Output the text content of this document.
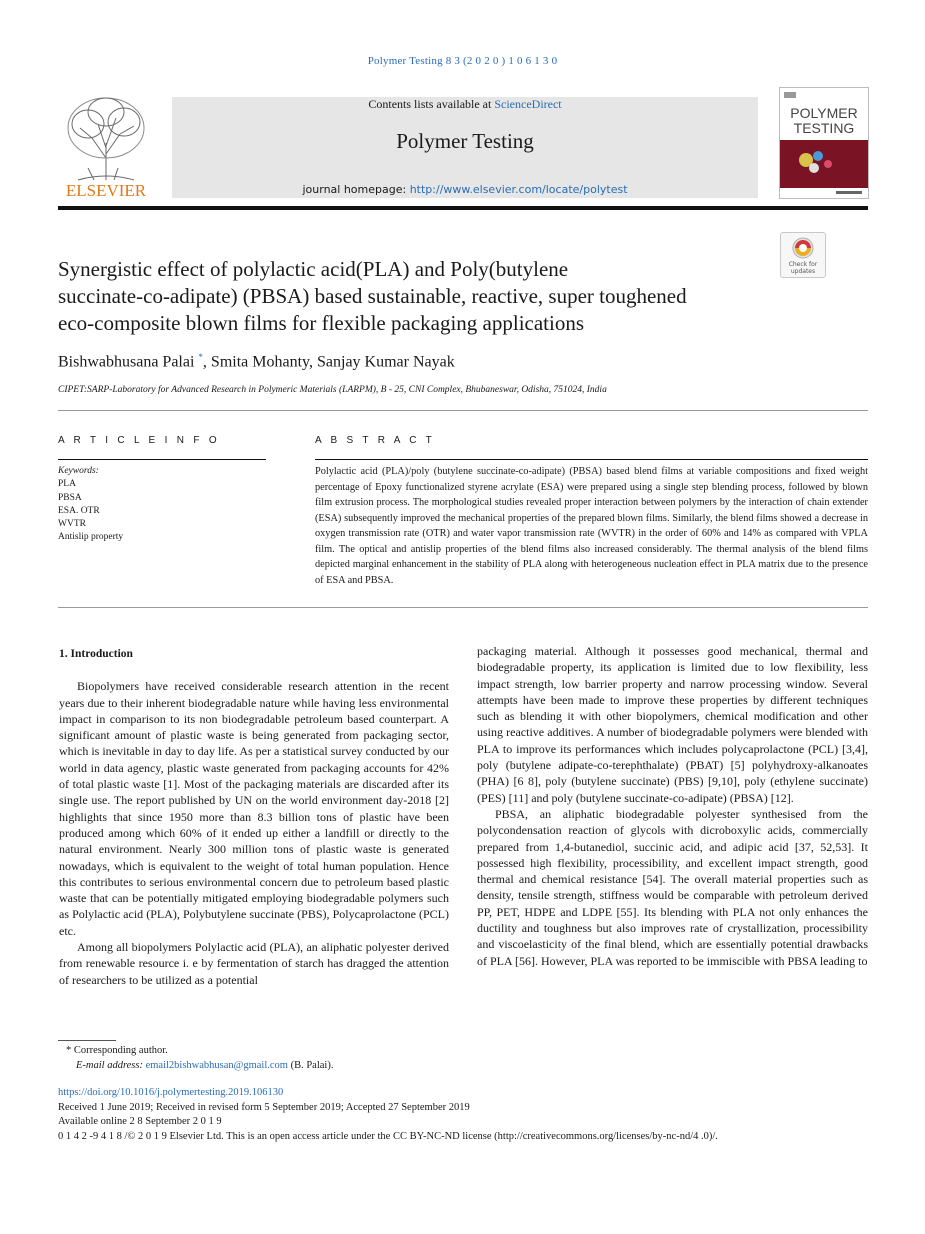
Polymer Testing 8 3 (2 0 2 0 ) 1 0 6 1 3 0
ELSEVIER
Contents lists available at ScienceDirect
Polymer Testing
journal homepage: http://www.elsevier.com/locate/polytest
POLYMER
TESTING
Check for
updates
Synergistic effect of polylactic acid(PLA) and Poly(butylene
succinate-co-adipate) (PBSA) based sustainable, reactive, super toughened
eco-composite blown films for flexible packaging applications
Bishwabhusana Palai *, Smita Mohanty, Sanjay Kumar Nayak
CIPET:SARP-Laboratory for Advanced Research in Polymeric Materials (LARPM), B - 25, CNI Complex, Bhubaneswar, Odisha, 751024, India
A R T I C L E I N F O
Keywords:
PLA
PBSA
ESA. OTR
WVTR
Antislip property
A B S T R A C T
Polylactic acid (PLA)/poly (butylene succinate-co-adipate) (PBSA) based blend films at variable compositions and fixed weight percentage of Epoxy functionalized styrene acrylate (ESA) were prepared using a single step blending process, followed by blown film extrusion process. The morphological studies revealed proper interaction between polymers by the interaction of chain extender (ESA) subsequently improved the mechanical properties of the prepared blown films. Similarly, the blend films showed a decrease in oxygen transmission rate (OTR) and water vapor transmission rate (WVTR) in the order of 60% and 14% as compared with VPLA film. The optical and antislip properties of the blend films also increased considerably. The thermal analysis of the blend films depicted marginal enhancement in the stability of PLA along with heterogeneous nucleation effect in PLA matrix due to the presence of ESA and PBSA.
1. Introduction

Biopolymers have received considerable research attention in the recent years due to their inherent biodegradable nature while having less environmental impact in comparison to its non biodegradable petroleum based counterpart. A significant amount of plastic waste is being generated from packaging sector, which is inevitable in day to day life. As per a statistical survey conducted by our world in data agency, plastic waste generated from packaging accounts for 42% of total plastic waste [1]. Most of the packaging materials are discarded after its single use. The report published by UN on the world environment day-2018 [2] highlights that since 1950 more than 8.3 billion tons of plastic have been produced among which 60% of it ended up either a landfill or directly to the natural environment. Nearly 300 million tons of plastic waste is generated nowadays, which is equivalent to the weight of total human population. Hence this contributes to serious environmental concern due to petroleum based plastic waste that can be potentially mitigated employing biodegradable polymers such as Polylactic acid (PLA), Polybutylene succinate (PBS), Polycaprolactone (PCL) etc.

Among all biopolymers Polylactic acid (PLA), an aliphatic polyester derived from renewable resource i. e by fermentation of starch has dragged the attention of researchers to be utilized as a potential

packaging material. Although it possesses good mechanical, thermal and biodegradable property, its application is limited due to low flexibility, less impact strength, low barrier property and narrow processing window. Several attempts have been made to improve these properties by different techniques such as blending it with other biopolymers, chemical modification and other using reactive additives. A number of biodegradable polymers were blended with PLA to improve its performances which includes polycaprolactone (PCL) [3,4], poly (butylene adipate-co-terephthalate) (PBAT) [5] polyhydroxy-alkanoates (PHA) [6 8], poly (butylene succinate) (PBS) [9,10], poly (ethylene succinate) (PES) [11] and poly (butylene succinate-co-adipate) (PBSA) [12].

PBSA, an aliphatic biodegradable polyester synthesised from the polycondensation reaction of glycols with dicroboxylic acids, commercially prepared from 1,4-butanediol, succinic acid, and adipic acid [37, 52,53]. It possessed high flexibility, processibility, and excellent impact strength, good thermal and chemical resistance [54]. The overall material properties such as density, tensile strength, stiffness would be comparable with petroleum derived PP, PET, HDPE and LDPE [55]. Its blending with PLA not only enhances the ductility and toughness but also improves rate of crystallization, processibility and viscoelasticity of the final blend, which are essentially potential drawbacks of PLA [56]. However, PLA was reported to be immiscible with PBSA leading to

* Corresponding author.
E-mail address: email2bishwabhusan@gmail.com (B. Palai).
https://doi.org/10.1016/j.polymertesting.2019.106130
Received 1 June 2019; Received in revised form 5 September 2019; Accepted 27 September 2019
Available online 2 8 September 2 0 1 9
0 1 4 2 -9 4 1 8 /© 2 0 1 9 Elsevier Ltd. This is an open access article under the CC BY-NC-ND license (http://creativecommons.org/licenses/by-nc-nd/4 .0)/.
